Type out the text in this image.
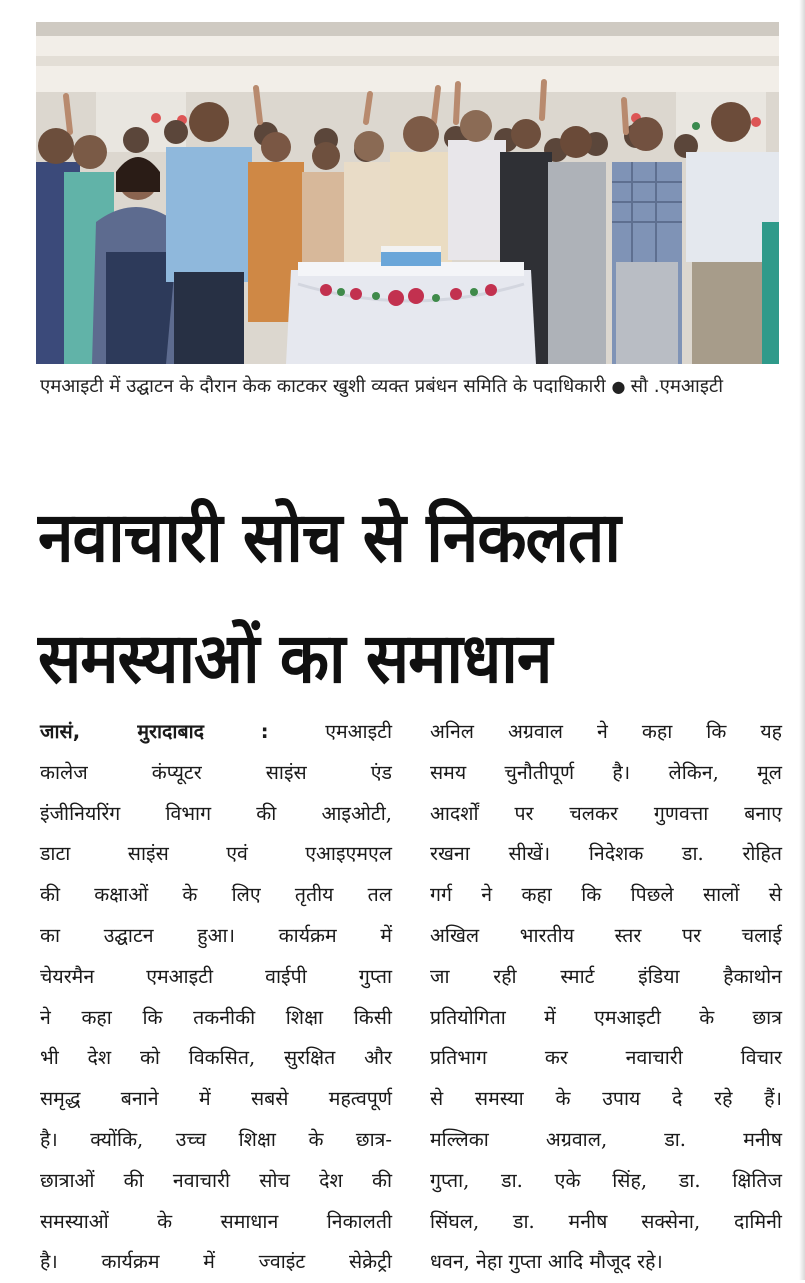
एमआइटी में उद्घाटन के दौरान केक काटकर खुशी व्यक्त प्रबंधन समिति के पदाधिकारी ● सौ .एमआइटी
नवाचारी सोच से निकलता
समस्याओं का समाधान

जासं, मुरादाबाद	:	एमआइटी

कालेज कंप्यूटर साइंस एंड

इंजीनियरिंग विभाग की आइओटी,

डाटा साइंस एवं एआइएमएल

की कक्षाओं के लिए तृतीय तल

का उद्घाटन हुआ। कार्यक्रम में

चेयरमैन एमआइटी वाईपी गुप्ता

ने कहा कि तकनीकी शिक्षा किसी

भी देश को विकसित, सुरक्षित और

समृद्ध बनाने में सबसे महत्वपूर्ण

है। क्योंकि, उच्च शिक्षा के छात्र-

छात्राओं की नवाचारी सोच देश की

समस्याओं के समाधान निकालती

है। कार्यक्रम में ज्वाइंट सेक्रेट्री

अनिल अग्रवाल ने कहा कि यह

समय चुनौतीपूर्ण है। लेकिन, मूल

आदर्शों पर चलकर गुणवत्ता बनाए

रखना सीखें। निदेशक डा. रोहित

गर्ग ने कहा कि पिछले सालों से

अखिल भारतीय स्तर पर चलाई

जा रही स्मार्ट इंडिया हैकाथोन

प्रतियोगिता में एमआइटी के छात्र

प्रतिभाग कर नवाचारी विचार

से समस्या के उपाय दे रहे हैं।

मल्लिका अग्रवाल, डा. मनीष

गुप्ता, डा. एके सिंह, डा. क्षितिज

सिंघल, डा. मनीष सक्सेना, दामिनी

धवन, नेहा गुप्ता आदि मौजूद रहे।
